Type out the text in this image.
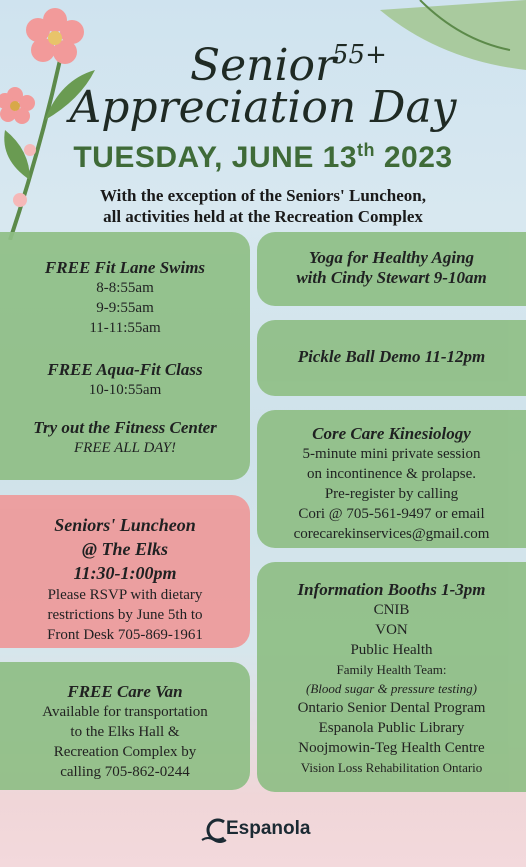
Senior
55+
Appreciation Day
TUESDAY, JUNE 13th 2023
With the exception of the Seniors' Luncheon,
all activities held at the Recreation Complex
FREE Fit Lane Swims
8-8:55am
9-9:55am
11-11:55am
FREE Aqua-Fit Class
10-10:55am
Try out the Fitness Center
FREE ALL DAY!
Seniors' Luncheon
@ The Elks
11:30-1:00pm
Please RSVP with dietary
restrictions by June 5th to
Front Desk 705-869-1961
FREE Care Van
Available for transportation
to the Elks Hall &
Recreation Complex by
calling 705-862-0244
Yoga for Healthy Aging
with Cindy Stewart 9-10am
Pickle Ball Demo 11-12pm
Core Care Kinesiology
5-minute mini private session
on incontinence & prolapse.
Pre-register by calling
Cori @ 705-561-9497 or email
corecarekinservices@gmail.com
Information Booths 1-3pm
CNIB
VON
Public Health
Family Health Team:
(Blood sugar & pressure testing)
Ontario Senior Dental Program
Espanola Public Library
Noojmowin-Teg Health Centre
Vision Loss Rehabilitation Ontario
Espanola
